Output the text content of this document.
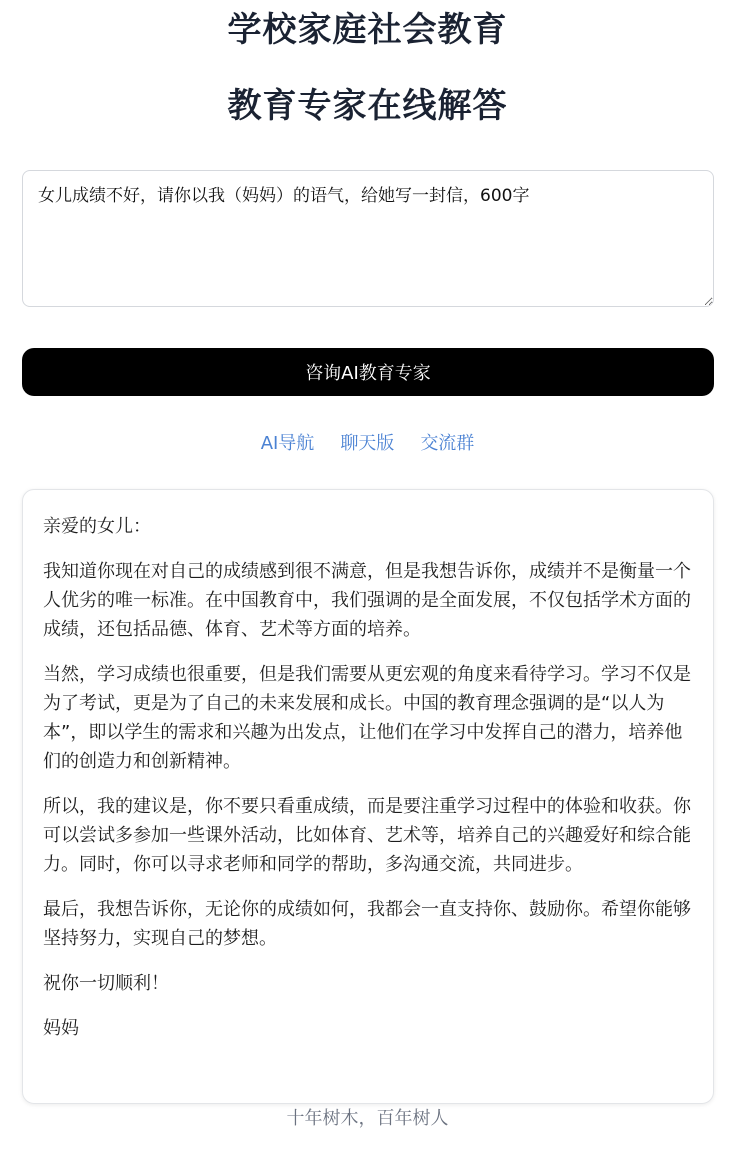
学校家庭社会教育
教育专家在线解答
女儿成绩不好，请你以我（妈妈）的语气，给她写一封信，600字
咨询AI教育专家
AI导航 聊天版 交流群

亲爱的女儿：

我知道你现在对自己的成绩感到很不满意，但是我想告诉你，成绩并不是衡量一个人优劣的唯一标准。在中国教育中，我们强调的是全面发展，不仅包括学术方面的成绩，还包括品德、体育、艺术等方面的培养。

当然，学习成绩也很重要，但是我们需要从更宏观的角度来看待学习。学习不仅是为了考试，更是为了自己的未来发展和成长。中国的教育理念强调的是“以人为本”，即以学生的需求和兴趣为出发点，让他们在学习中发挥自己的潜力，培养他们的创造力和创新精神。

所以，我的建议是，你不要只看重成绩，而是要注重学习过程中的体验和收获。你可以尝试多参加一些课外活动，比如体育、艺术等，培养自己的兴趣爱好和综合能力。同时，你可以寻求老师和同学的帮助，多沟通交流，共同进步。

最后，我想告诉你，无论你的成绩如何，我都会一直支持你、鼓励你。希望你能够坚持努力，实现自己的梦想。

祝你一切顺利！

妈妈

十年树木，百年树人
